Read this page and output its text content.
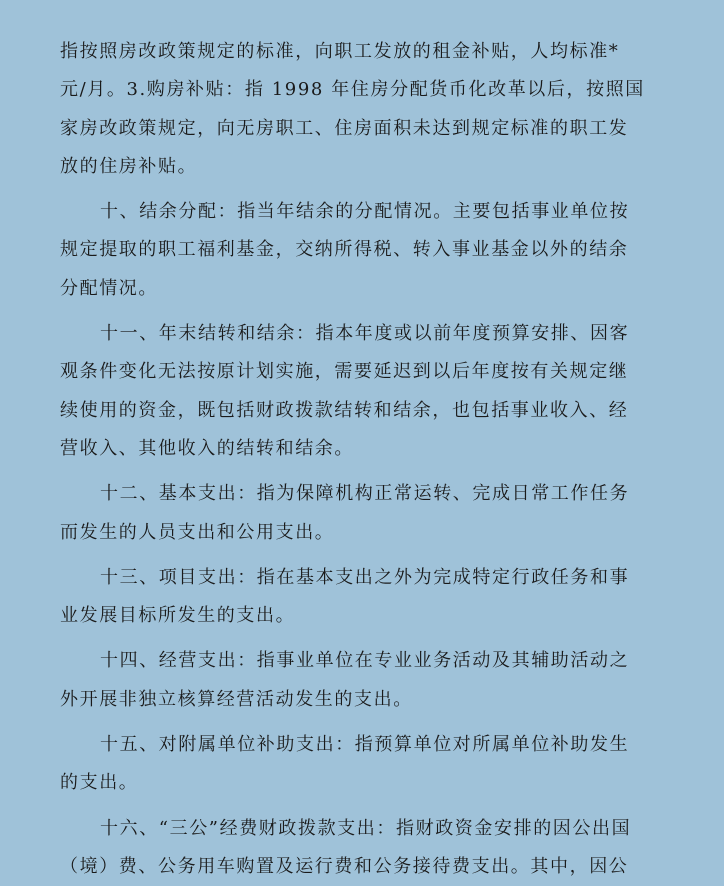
指按照房改政策规定的标准，向职工发放的租金补贴，人均标准*
元/月。3.购房补贴：指 1998 年住房分配货币化改革以后，按照国
家房改政策规定，向无房职工、住房面积未达到规定标准的职工发
放的住房补贴。
十、结余分配：指当年结余的分配情况。主要包括事业单位按
规定提取的职工福利基金，交纳所得税、转入事业基金以外的结余
分配情况。
十一、年末结转和结余：指本年度或以前年度预算安排、因客
观条件变化无法按原计划实施，需要延迟到以后年度按有关规定继
续使用的资金，既包括财政拨款结转和结余，也包括事业收入、经
营收入、其他收入的结转和结余。
十二、基本支出：指为保障机构正常运转、完成日常工作任务
而发生的人员支出和公用支出。
十三、项目支出：指在基本支出之外为完成特定行政任务和事
业发展目标所发生的支出。
十四、经营支出：指事业单位在专业业务活动及其辅助活动之
外开展非独立核算经营活动发生的支出。
十五、对附属单位补助支出：指预算单位对所属单位补助发生
的支出。
十六、“三公”经费财政拨款支出：指财政资金安排的因公出国
（境）费、公务用车购置及运行费和公务接待费支出。其中，因公
